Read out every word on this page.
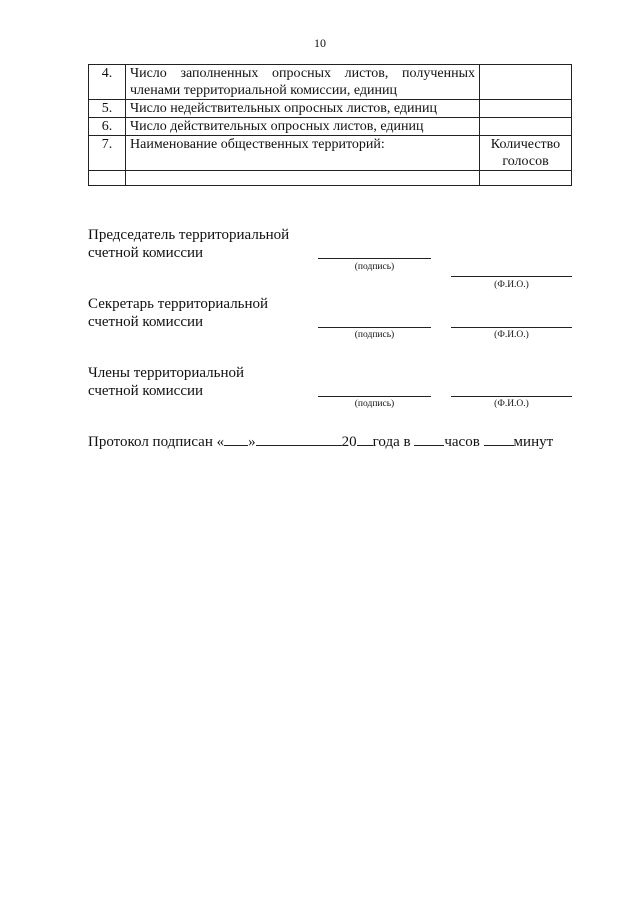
10
4.	Число заполненных опросных листов, полученных членами территориальной комиссии, единиц	
5.	Число недействительных опросных листов, единиц	
6.	Число действительных опросных листов, единиц	
7.	Наименование общественных территорий:	Количество голосов

Председатель территориальной счетной комиссии
(подпись)
(Ф.И.О.)
Секретарь территориальной счетной комиссии
(подпись)	(Ф.И.О.)
Члены территориальной счетной комиссии
(подпись)	(Ф.И.О.)
Протокол подписан « »	20 года в часов минут
